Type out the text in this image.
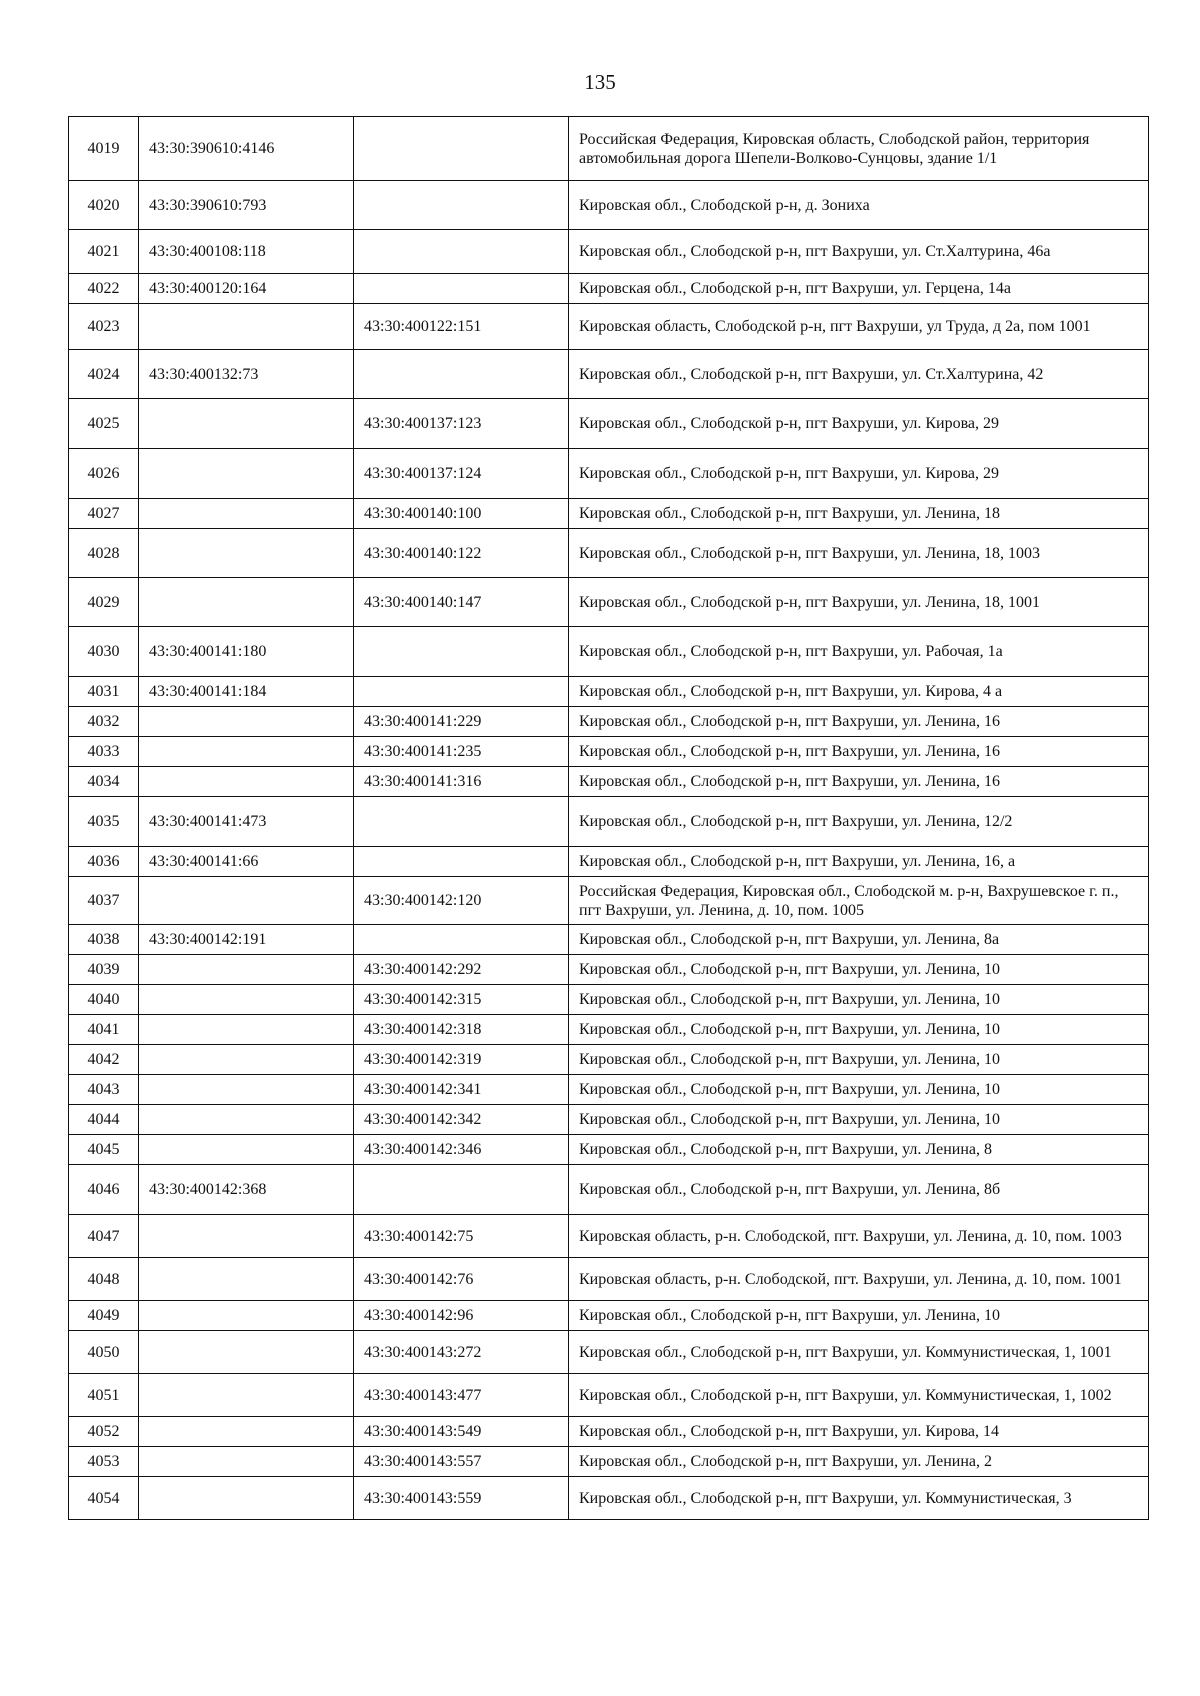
135
4019	43:30:390610:4146		Российская Федерация, Кировская область, Слободской район, территория автомобильная дорога Шепели-Волково-Сунцовы, здание 1/1
4020	43:30:390610:793		Кировская обл., Слободской р-н, д. Зониха
4021	43:30:400108:118		Кировская обл., Слободской р-н, пгт Вахруши, ул. Ст.Халтурина, 46а
4022	43:30:400120:164		Кировская обл., Слободской р-н, пгт Вахруши, ул. Герцена, 14а
4023		43:30:400122:151	Кировская область, Слободской р-н, пгт Вахруши, ул Труда, д 2а, пом 1001
4024	43:30:400132:73		Кировская обл., Слободской р-н, пгт Вахруши, ул. Ст.Халтурина, 42
4025		43:30:400137:123	Кировская обл., Слободской р-н, пгт Вахруши, ул. Кирова, 29
4026		43:30:400137:124	Кировская обл., Слободской р-н, пгт Вахруши, ул. Кирова, 29
4027		43:30:400140:100	Кировская обл., Слободской р-н, пгт Вахруши, ул. Ленина, 18
4028		43:30:400140:122	Кировская обл., Слободской р-н, пгт Вахруши, ул. Ленина, 18, 1003
4029		43:30:400140:147	Кировская обл., Слободской р-н, пгт Вахруши, ул. Ленина, 18, 1001
4030	43:30:400141:180		Кировская обл., Слободской р-н, пгт Вахруши, ул. Рабочая, 1а
4031	43:30:400141:184		Кировская обл., Слободской р-н, пгт Вахруши, ул. Кирова, 4 а
4032		43:30:400141:229	Кировская обл., Слободской р-н, пгт Вахруши, ул. Ленина, 16
4033		43:30:400141:235	Кировская обл., Слободской р-н, пгт Вахруши, ул. Ленина, 16
4034		43:30:400141:316	Кировская обл., Слободской р-н, пгт Вахруши, ул. Ленина, 16
4035	43:30:400141:473		Кировская обл., Слободской р-н, пгт Вахруши, ул. Ленина, 12/2
4036	43:30:400141:66		Кировская обл., Слободской р-н, пгт Вахруши, ул. Ленина, 16, а
4037		43:30:400142:120	Российская Федерация, Кировская обл., Слободской м. р-н, Вахрушевское г. п., пгт Вахруши, ул. Ленина, д. 10, пом. 1005
4038	43:30:400142:191		Кировская обл., Слободской р-н, пгт Вахруши, ул. Ленина, 8а
4039		43:30:400142:292	Кировская обл., Слободской р-н, пгт Вахруши, ул. Ленина, 10
4040		43:30:400142:315	Кировская обл., Слободской р-н, пгт Вахруши, ул. Ленина, 10
4041		43:30:400142:318	Кировская обл., Слободской р-н, пгт Вахруши, ул. Ленина, 10
4042		43:30:400142:319	Кировская обл., Слободской р-н, пгт Вахруши, ул. Ленина, 10
4043		43:30:400142:341	Кировская обл., Слободской р-н, пгт Вахруши, ул. Ленина, 10
4044		43:30:400142:342	Кировская обл., Слободской р-н, пгт Вахруши, ул. Ленина, 10
4045		43:30:400142:346	Кировская обл., Слободской р-н, пгт Вахруши, ул. Ленина, 8
4046	43:30:400142:368		Кировская обл., Слободской р-н, пгт Вахруши, ул. Ленина, 8б
4047		43:30:400142:75	Кировская область, р-н. Слободской, пгт. Вахруши, ул. Ленина, д. 10, пом. 1003
4048		43:30:400142:76	Кировская область, р-н. Слободской, пгт. Вахруши, ул. Ленина, д. 10, пом. 1001
4049		43:30:400142:96	Кировская обл., Слободской р-н, пгт Вахруши, ул. Ленина, 10
4050		43:30:400143:272	Кировская обл., Слободской р-н, пгт Вахруши, ул. Коммунистическая, 1, 1001
4051		43:30:400143:477	Кировская обл., Слободской р-н, пгт Вахруши, ул. Коммунистическая, 1, 1002
4052		43:30:400143:549	Кировская обл., Слободской р-н, пгт Вахруши, ул. Кирова, 14
4053		43:30:400143:557	Кировская обл., Слободской р-н, пгт Вахруши, ул. Ленина, 2
4054		43:30:400143:559	Кировская обл., Слободской р-н, пгт Вахруши, ул. Коммунистическая, 3
